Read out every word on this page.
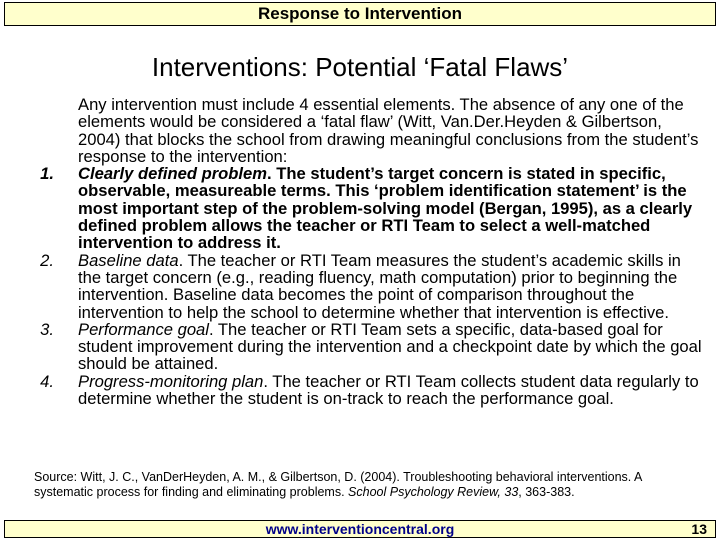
Response to Intervention
Interventions: Potential ‘Fatal Flaws’

Any intervention must include 4 essential elements. The absence of any one of the elements would be considered a ‘fatal flaw’ (Witt, Van.Der.Heyden & Gilbertson, 2004) that blocks the school from drawing meaningful conclusions from the student’s response to the intervention:

1. Clearly defined problem. The student’s target concern is stated in specific, observable, measureable terms. This ‘problem identification statement’ is the most important step of the problem-solving model (Bergan, 1995), as a clearly defined problem allows the teacher or RTI Team to select a well-matched intervention to address it.
2. Baseline data. The teacher or RTI Team measures the student’s academic skills in the target concern (e.g., reading fluency, math computation) prior to beginning the intervention. Baseline data becomes the point of comparison throughout the intervention to help the school to determine whether that intervention is effective.
3. Performance goal. The teacher or RTI Team sets a specific, data-based goal for student improvement during the intervention and a checkpoint date by which the goal should be attained.
4. Progress-monitoring plan. The teacher or RTI Team collects student data regularly to determine whether the student is on-track to reach the performance goal.
Source: Witt, J. C., VanDerHeyden, A. M., & Gilbertson, D. (2004). Troubleshooting behavioral interventions. A systematic process for finding and eliminating problems. School Psychology Review, 33, 363-383.
www.interventioncentral.org	13
